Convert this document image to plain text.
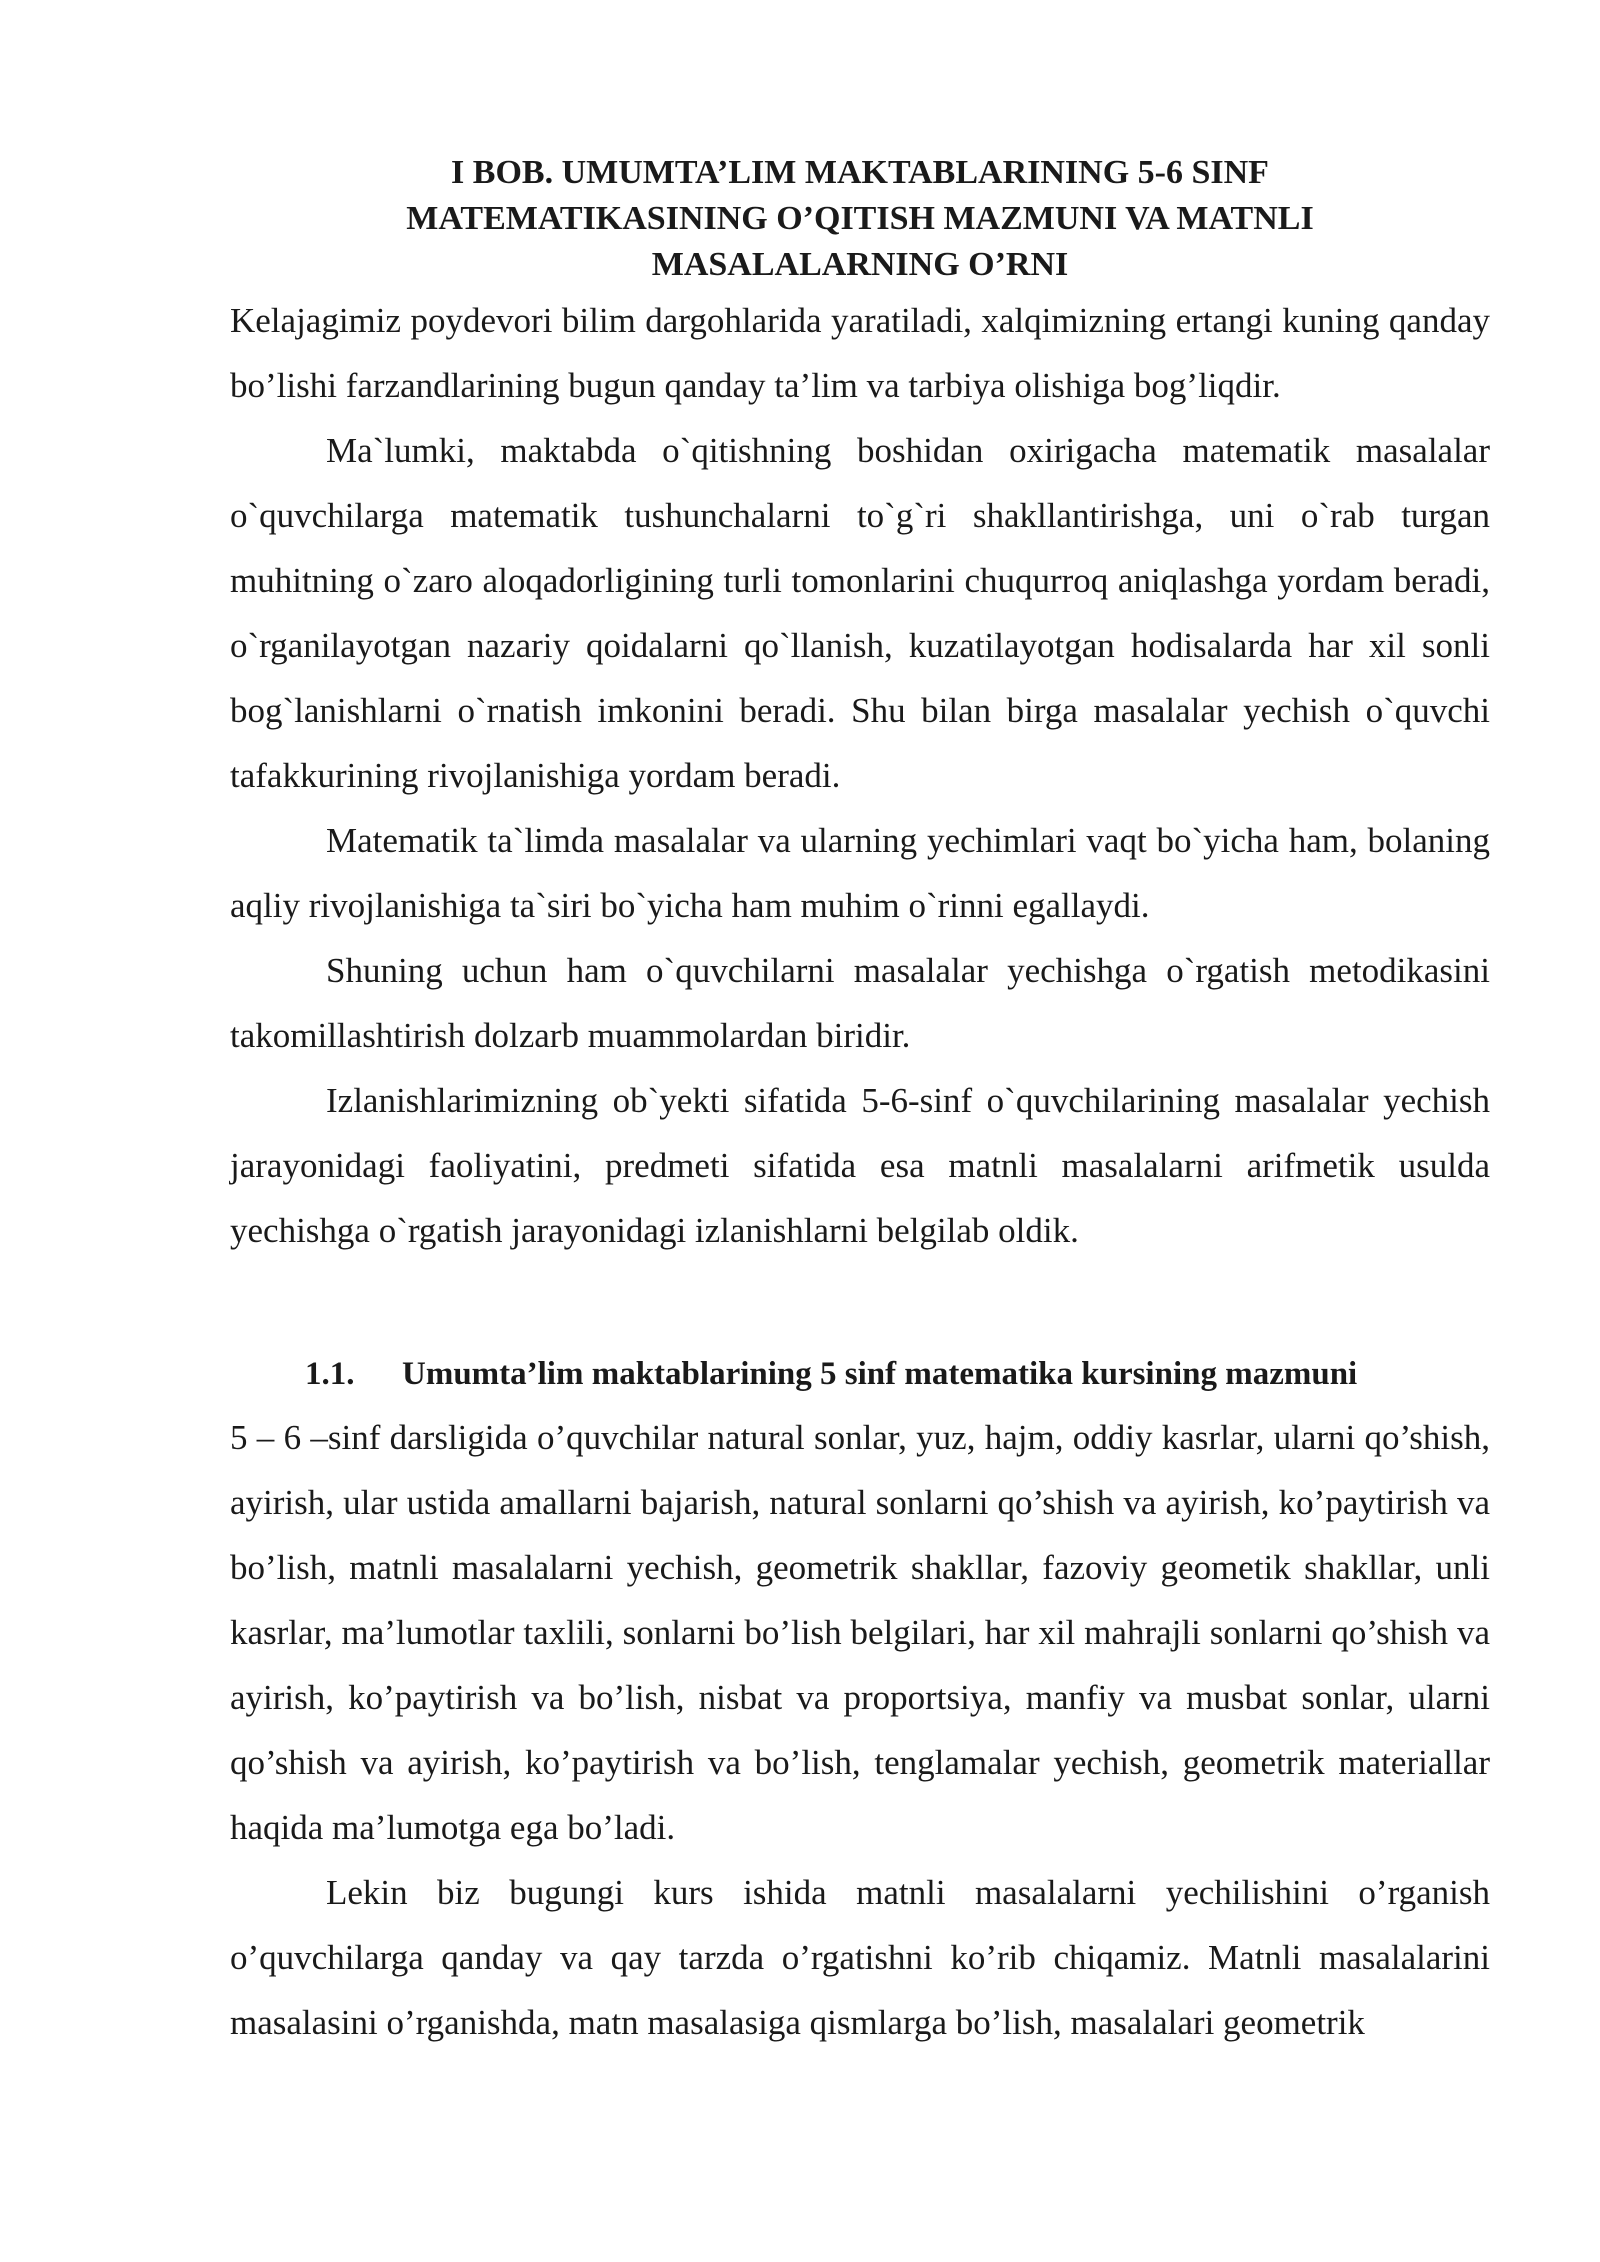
I BOB. UMUMTA’LIM MAKTABLARINING 5-6 SINF
MATEMATIKASINING O’QITISH MAZMUNI VA MATNLI
MASALALARNING O’RNI

Kelajagimiz poydevori bilim dargohlarida yaratiladi, xalqimizning ertangi kuning qanday bo’lishi farzandlarining bugun qanday ta’lim va tarbiya olishiga bog’liqdir.

Ma`lumki, maktabda o`qitishning boshidan oxirigacha matematik masalalar o`quvchilarga matematik tushunchalarni to`g`ri shakllantirishga, uni o`rab turgan muhitning o`zaro aloqadorligining turli tomonlarini chuqurroq aniqlashga yordam beradi, o`rganilayotgan nazariy qoidalarni qo`llanish, kuzatilayotgan hodisalarda har xil sonli bog`lanishlarni o`rnatish imkonini beradi. Shu bilan birga masalalar yechish o`quvchi tafakkurining rivojlanishiga yordam beradi.

Matematik ta`limda masalalar va ularning yechimlari vaqt bo`yicha ham, bolaning aqliy rivojlanishiga ta`siri bo`yicha ham muhim o`rinni egallaydi.

Shuning uchun ham o`quvchilarni masalalar yechishga o`rgatish metodikasini takomillashtirish dolzarb muammolardan biridir.

Izlanishlarimizning ob`yekti sifatida 5-6-sinf o`quvchilarining masalalar yechish jarayonidagi faoliyatini, predmeti sifatida esa matnli masalalarni arifmetik usulda yechishga o`rgatish jarayonidagi izlanishlarni belgilab oldik.

1.1.	Umumta’lim maktablarining 5 sinf matematika kursining mazmuni

5 – 6 –sinf darsligida o’quvchilar natural sonlar, yuz, hajm, oddiy kasrlar, ularni qo’shish, ayirish, ular ustida amallarni bajarish, natural sonlarni qo’shish va ayirish, ko’paytirish va bo’lish, matnli masalalarni yechish, geometrik shakllar, fazoviy geometik shakllar, unli kasrlar, ma’lumotlar taxlili, sonlarni bo’lish belgilari, har xil mahrajli sonlarni qo’shish va ayirish, ko’paytirish va bo’lish, nisbat va proportsiya, manfiy va musbat sonlar, ularni qo’shish va ayirish, ko’paytirish va bo’lish, tenglamalar yechish, geometrik materiallar haqida ma’lumotga ega bo’ladi.

Lekin biz bugungi kurs ishida matnli masalalarni yechilishini o’rganish o’quvchilarga qanday va qay tarzda o’rgatishni ko’rib chiqamiz. Matnli masalalarini masalasini o’rganishda, matn masalasiga qismlarga bo’lish, masalalari geometrik
